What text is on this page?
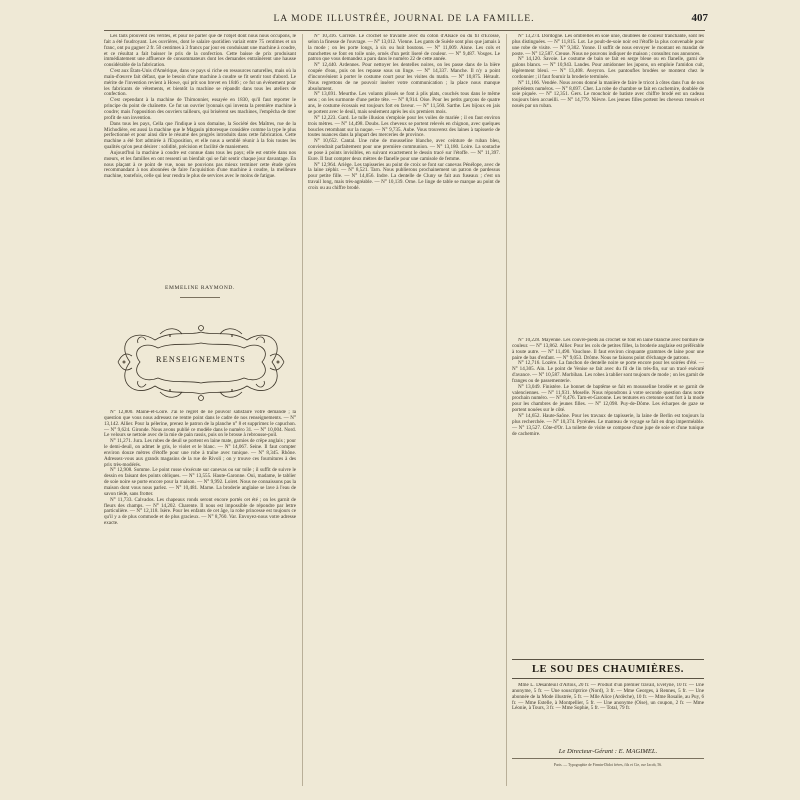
LA MODE ILLUSTRÉE, JOURNAL DE LA FAMILLE.	407

Les faits prouvent ces vérités, et pour ne parler que de l'objet dont nous nous occupons, le fait a été foudroyant. Les ouvrières, dont le salaire quotidien variait entre 75 centimes et un franc, ont pu gagner 2 fr. 50 centimes à 3 francs par jour en conduisant une machine à coudre, et ce résultat a fait baisser le prix de la confection. Cette baisse de prix produisant immédiatement une affluence de consommateurs dont les demandes entraînèrent une hausse considérable de la fabrication.

C'est aux États-Unis d'Amérique, dans ce pays si riche en ressources naturelles, mais où la main-d'œuvre fait défaut, que le besoin d'une machine à coudre se fit sentir tout d'abord. Le mérite de l'invention revient à Howe, qui prit son brevet en 1846 ; ce fut un événement pour les fabricants de vêtements, et bientôt la machine se répandit dans tous les ateliers de confection.

C'est cependant à la machine de Thimonnier, essayée en 1830, qu'il faut reporter le principe du point de chaînette. Ce fut un ouvrier lyonnais qui inventa la première machine à coudre; mais l'opposition des ouvriers tailleurs, qui brisèrent ses machines, l'empêcha de tirer profit de son invention.

Dans tous les pays, Cella que l'indique à son domaine, la Société des Maîtres, rue de la Michodière, est aussi la machine que le Magasin pittoresque considère comme la type le plus perfectionné et pour ainsi dire le résumé des progrès introduits dans cette fabrication. Cette machine a été fort admirée à l'Exposition, et elle nous a semblé réunir à la fois toutes les qualités qu'on peut désirer : solidité, précision et facilité de maniement.

Aujourd'hui la machine à coudre est connue dans tous les pays; elle est entrée dans nos mœurs, et les familles en ont ressenti un bienfait qui se fait sentir chaque jour davantage. En nous plaçant à ce point de vue, nous ne pouvions pas mieux terminer cette étude qu'en recommandant à nos abonnées de faire l'acquisition d'une machine à coudre, la meilleure machine, toutefois, celle qui leur rendra le plus de services avec le moins de fatigue.

EMMELINE RAYMOND.
RENSEIGNEMENTS

N° 12,800. Maine-et-Loire. J'ai le regret de ne pouvoir satisfaire votre demande ; la question que vous nous adressez ne rentre point dans le cadre de nos renseignements. — N° 13,142. Allier. Pour la pélerine, prenez le patron de la planche n° 8 et supprimez le capuchon. — N° 9,624. Gironde. Nous avons publié ce modèle dans le numéro 31. — N° 10,004. Nord. Le velours se nettoie avec de la mie de pain rassis, puis on le brosse à rebrousse-poil.

N° 11,271. Jura. Les robes de deuil se portent en laine mate, garnies de crêpe anglais ; pour le demi-deuil, on admet le gris, le violet et le blanc. — N° 14,067. Seine. Il faut compter environ douze mètres d'étoffe pour une robe à traîne avec tunique. — N° 8,345. Rhône. Adressez-vous aux grands magasins de la rue de Rivoli ; on y trouve ces fournitures à des prix très-modérés.

N° 12,908. Somme. Le point russe s'exécute sur canevas ou sur toile ; il suffit de suivre le dessin en faisant des points obliques. — N° 13,555. Haute-Garonne. Oui, madame, le tablier de soie noire se porte encore pour la maison. — N° 9,992. Loiret. Nous ne connaissons pas la maison dont vous nous parlez. — N° 10,481. Marne. La broderie anglaise se lave à l'eau de savon tiède, sans frotter.

N° 11,733. Calvados. Les chapeaux ronds seront encore portés cet été ; on les garnit de fleurs des champs. — N° 14,202. Charente. Il nous est impossible de répondre par lettre particulière. — N° 12,118. Isère. Pour les enfants de cet âge, la robe princesse est toujours ce qu'il y a de plus commode et de plus gracieux. — N° 8,760. Var. Envoyez-nous votre adresse exacte.

N° 10,316. Corrèze. Le crochet se travaille avec du coton d'Alsace ou du fil d'Écosse, selon la finesse de l'ouvrage. — N° 13,012. Vienne. Les gants de Suède sont plus que jamais à la mode ; on les porte longs, à six ou huit boutons. — N° 11,009. Aisne. Les cols et manchettes se font en toile unie, ornés d'un petit liseré de couleur. — N° 9,487. Vosges. Le patron que vous demandez a paru dans le numéro 22 de cette année.

N° 12,440. Ardennes. Pour nettoyer les dentelles noires, on les passe dans de la bière coupée d'eau, puis on les repasse sous un linge. — N° 14,337. Manche. Il n'y a point d'inconvénient à porter le costume court pour les visites du matin. — N° 10,875. Hérault. Nous regrettons de ne pouvoir insérer votre communication ; la place nous manque absolument.

N° 13,691. Meurthe. Les volants plissés se font à plis plats, couchés tous dans le même sens ; on les surmonte d'une petite tête. — N° 8,914. Oise. Pour les petits garçons de quatre ans, le costume écossais est toujours fort en faveur. — N° 11,560. Sarthe. Les bijoux en jais se portent avec le deuil, mais seulement après les six premiers mois.

N° 12,223. Gard. Le tulle illusion s'emploie pour les voiles de mariée ; il en faut environ trois mètres. — N° 14,498. Doubs. Les cheveux se portent relevés en chignon, avec quelques boucles retombant sur la nuque. — N° 9,735. Aube. Vous trouverez des laines à tapisserie de toutes nuances dans la plupart des merceries de province.

N° 10,652. Cantal. Une robe de mousseline blanche, avec ceinture de ruban bleu, conviendrait parfaitement pour une première communion. — N° 13,180. Loire. La soutache se pose à points invisibles, en suivant exactement le dessin tracé sur l'étoffe. — N° 11,397. Eure. Il faut compter deux mètres de flanelle pour une camisole de femme.

N° 12,964. Ariège. Les tapisseries au point de croix se font sur canevas Pénélope, avec de la laine zéphir. — N° 8,521. Tarn. Nous publierons prochainement un patron de pardessus pour petite fille. — N° 14,056. Indre. La dentelle de Cluny se fait aux fuseaux ; c'est un travail long, mais très-agréable. — N° 10,139. Orne. Le linge de table se marque au point de croix ou au chiffre brodé.

N° 13,274. Dordogne. Les ombrelles en soie unie, doublées de couleur tranchante, sont les plus distinguées. — N° 11,815. Lot. Le poult-de-soie noir est l'étoffe la plus convenable pour une robe de visite. — N° 9,302. Yonne. Il suffit de nous envoyer le montant en mandat de poste. — N° 12,587. Creuse. Nous ne pouvons indiquer de maison ; consultez nos annonces.

N° 14,120. Savoie. Le costume de bain se fait en serge bleue ou en flanelle, garni de galons blancs. — N° 10,943. Landes. Pour amidonner les jupons, on emploie l'amidon cuit, légèrement bleui. — N° 13,408. Aveyron. Les pantoufles brodées se montent chez le cordonnier ; il faut fournir la broderie terminée.

N° 11,166. Vendée. Nous avons donné la manière de faire le tricot à côtes dans l'un de nos précédents numéros. — N° 8,697. Cher. La robe de chambre se fait en cachemire, doublée de soie piquée. — N° 12,351. Gers. Le mouchoir de batiste avec chiffre brodé est un cadeau toujours bien accueilli. — N° 14,779. Nièvre. Les jeunes filles portent les cheveux tressés et noués par un ruban.

N° 10,228. Mayenne. Les couvre-pieds au crochet se font en laine blanche avec bordure de couleur. — N° 13,862. Allier. Pour les cols de petites filles, la broderie anglaise est préférable à toute autre. — N° 11,490. Vaucluse. Il faut environ cinquante grammes de laine pour une paire de bas d'enfant. — N° 9,053. Drôme. Nous ne faisons point d'échange de patrons.

N° 12,716. Lozère. La fanchon de dentelle noire se porte encore pour les soirées d'été. — N° 14,305. Ain. Le point de Venise se fait avec du fil de lin très-fin, sur un tracé exécuté d'avance. — N° 10,587. Morbihan. Les robes à tablier sont toujours de mode ; on les garnit de franges ou de passementerie.

N° 13,049. Finistère. Le bonnet de baptême se fait en mousseline brodée et se garnit de valenciennes. — N° 11,931. Moselle. Nous répondrons à votre seconde question dans notre prochain numéro. — N° 8,476. Tarn-et-Garonne. Les tentures en cretonne sont fort à la mode pour les chambres de jeunes filles. — N° 12,098. Puy-de-Dôme. Les écharpes de gaze se portent nouées sur le côté.

N° 14,652. Haute-Saône. Pour les travaux de tapisserie, la laine de Berlin est toujours la plus recherchée. — N° 10,374. Pyrénées. Le manteau de voyage se fait en drap imperméable. — N° 13,527. Côte-d'Or. La toilette de visite se compose d'une jupe de soie et d'une tunique de cachemire.

LE SOU DES CHAUMIÈRES.

Mme L. Desanteuil d'Artois, 20 fr. — Produit d'un premier travail, Evelyne, 10 fr. — Une anonyme, 5 fr. — Une souscriptrice (Nord), 3 fr. — Mme Georges, à Rennes, 5 fr. — Une abonnée de la Mode illustrée, 5 fr. — Mlle Alice (Ardèche), 10 fr. — Mme Rosalie, au Puy, 6 fr. — Mme Estelle, à Montpellier, 5 fr. — Une anonyme (Oise), un coupon, 2 fr. — Mme Léonie, à Tours, 3 fr. — Mme Sophie, 5 fr. — Total, 79 fr.

Le Directeur-Gérant : E. MAGIMEL.
Paris. — Typographie de Firmin-Didot frères, fils et Cie, rue Jacob, 56.
